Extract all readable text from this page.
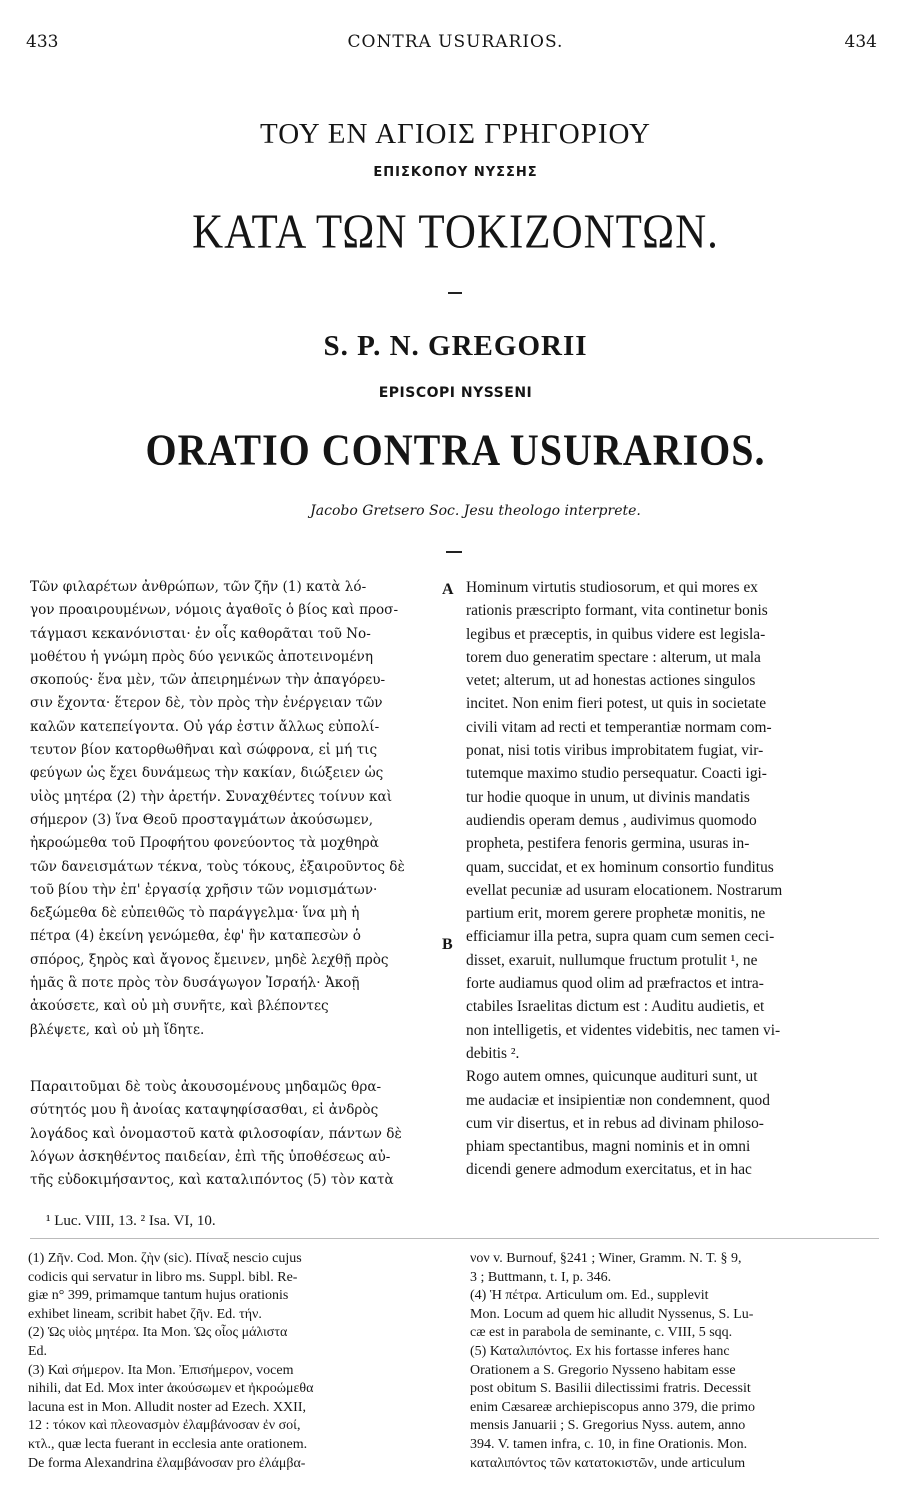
433	CONTRA USURARIOS.	434
ΤΟΥ ΕΝ ΑΓΙΟΙΣ ΓΡΗΓΟΡΙΟΥ
ΕΠΙΣΚΟΠΟΥ ΝΥΣΣΗΣ
ΚΑΤΑ ΤΩΝ ΤΟΚΙΖΟΝΤΩΝ.
S. P. N. GREGORII
EPISCOPI NYSSENI
ORATIO CONTRA USURARIOS.
Jacobo Gretsero Soc. Jesu theologo interprete.
Τῶν φιλαρέτων ἀνθρώπων, τῶν ζῆν (1) κατὰ λό-
γον προαιρουμένων, νόμοις ἀγαθοῖς ὁ βίος καὶ προσ-
τάγμασι κεκανόνισται· ἐν οἷς καθορᾶται τοῦ Νο-
μοθέτου ἡ γνώμη πρὸς δύο γενικῶς ἀποτεινομένη
σκοπούς· ἕνα μὲν, τῶν ἀπειρημένων τὴν ἀπαγόρευ-
σιν ἔχοντα· ἕτερον δὲ, τὸν πρὸς τὴν ἐνέργειαν τῶν
καλῶν κατεπείγοντα. Οὐ γάρ ἐστιν ἄλλως εὐπολί-
τευτον βίον κατορθωθῆναι καὶ σώφρονα, εἰ μή τις
φεύγων ὡς ἔχει δυνάμεως τὴν κακίαν, διώξειεν ὡς
υἱὸς μητέρα (2) τὴν ἀρετήν. Συναχθέντες τοίνυν καὶ
σήμερον (3) ἵνα Θεοῦ προσταγμάτων ἀκούσωμεν,
ἠκροώμεθα τοῦ Προφήτου φονεύοντος τὰ μοχθηρὰ
τῶν δανεισμάτων τέκνα, τοὺς τόκους, ἐξαιροῦντος δὲ
τοῦ βίου τὴν ἐπ' ἐργασίᾳ χρῆσιν τῶν νομισμάτων·
δεξώμεθα δὲ εὐπειθῶς τὸ παράγγελμα· ἵνα μὴ ἡ
πέτρα (4) ἐκείνη γενώμεθα, ἐφ' ἣν καταπεσὼν ὁ
σπόρος, ξηρὸς καὶ ἄγονος ἔμεινεν, μηδὲ λεχθῇ πρὸς
ἡμᾶς ἃ ποτε πρὸς τὸν δυσάγωγον Ἰσραήλ· Ἀκοῇ
ἀκούσετε, καὶ οὐ μὴ συνῆτε, καὶ βλέποντες
βλέψετε, καὶ οὐ μὴ ἴδητε.
A
B
Παραιτοῦμαι δὲ τοὺς ἀκουσομένους μηδαμῶς θρα-
σύτητός μου ἢ ἀνοίας καταψηφίσασθαι, εἰ ἀνδρὸς
λογάδος καὶ ὀνομαστοῦ κατὰ φιλοσοφίαν, πάντων δὲ
λόγων ἀσκηθέντος παιδείαν, ἐπὶ τῆς ὑποθέσεως αὐ-
τῆς εὐδοκιμήσαντος, καὶ καταλιπόντος (5) τὸν κατὰ
Hominum virtutis studiosorum, et qui mores ex
rationis præscripto formant, vita continetur bonis
legibus et præceptis, in quibus videre est legisla-
torem duo generatim spectare : alterum, ut mala
vetet; alterum, ut ad honestas actiones singulos
incitet. Non enim fieri potest, ut quis in societate
civili vitam ad recti et temperantiæ normam com-
ponat, nisi totis viribus improbitatem fugiat, vir-
tutemque maximo studio persequatur. Coacti igi-
tur hodie quoque in unum, ut divinis mandatis
audiendis operam demus , audivimus quomodo
propheta, pestifera fenoris germina, usuras in-
quam, succidat, et ex hominum consortio funditus
evellat pecuniæ ad usuram elocationem. Nostrarum
partium erit, morem gerere prophetæ monitis, ne
efficiamur illa petra, supra quam cum semen ceci-
disset, exaruit, nullumque fructum protulit ¹, ne
forte audiamus quod olim ad præfractos et intra-
ctabiles Israelitas dictum est : Auditu audietis, et
non intelligetis, et videntes videbitis, nec tamen vi-
debitis ².
Rogo autem omnes, quicunque audituri sunt, ut
me audaciæ et insipientiæ non condemnent, quod
cum vir disertus, et in rebus ad divinam philoso-
phiam spectantibus, magni nominis et in omni
dicendi genere admodum exercitatus, et in hac
¹ Luc. VIII, 13. ² Isa. VI, 10.
(1) Ζῆν. Cod. Mon. ζὴν (sic). Πίναξ nescio cujus
codicis qui servatur in libro ms. Suppl. bibl. Re-
giæ n° 399, primamque tantum hujus orationis
exhibet lineam, scribit habet ζῆν. Ed. τήν.
(2) Ὡς υἱὸς μητέρα. Ita Mon. Ὡς οἷος μάλιστα
Ed.
(3) Καὶ σήμερον. Ita Mon. Ἐπισήμερον, vocem
nihili, dat Ed. Mox inter ἀκούσωμεν et ἠκροώμεθα
lacuna est in Mon. Alludit noster ad Ezech. XXII,
12 : τόκον καὶ πλεονασμὸν ἐλαμβάνοσαν ἐν σοί,
κτλ., quæ lecta fuerant in ecclesia ante orationem.
De forma Alexandrina ἐλαμβάνοσαν pro ἐλάμβα-
νον v. Burnouf, §241 ; Winer, Gramm. N. T. § 9,
3 ; Buttmann, t. I, p. 346.
(4) Ἡ πέτρα. Articulum om. Ed., supplevit
Mon. Locum ad quem hic alludit Nyssenus, S. Lu-
cæ est in parabola de seminante, c. VIII, 5 sqq.
(5) Καταλιπόντος. Ex his fortasse inferes hanc
Orationem a S. Gregorio Nysseno habitam esse
post obitum S. Basilii dilectissimi fratris. Decessit
enim Cæsareæ archiepiscopus anno 379, die primo
mensis Januarii ; S. Gregorius Nyss. autem, anno
394. V. tamen infra, c. 10, in fine Orationis. Mon.
καταλιπόντος τῶν κατατοκιστῶν, unde articulum
